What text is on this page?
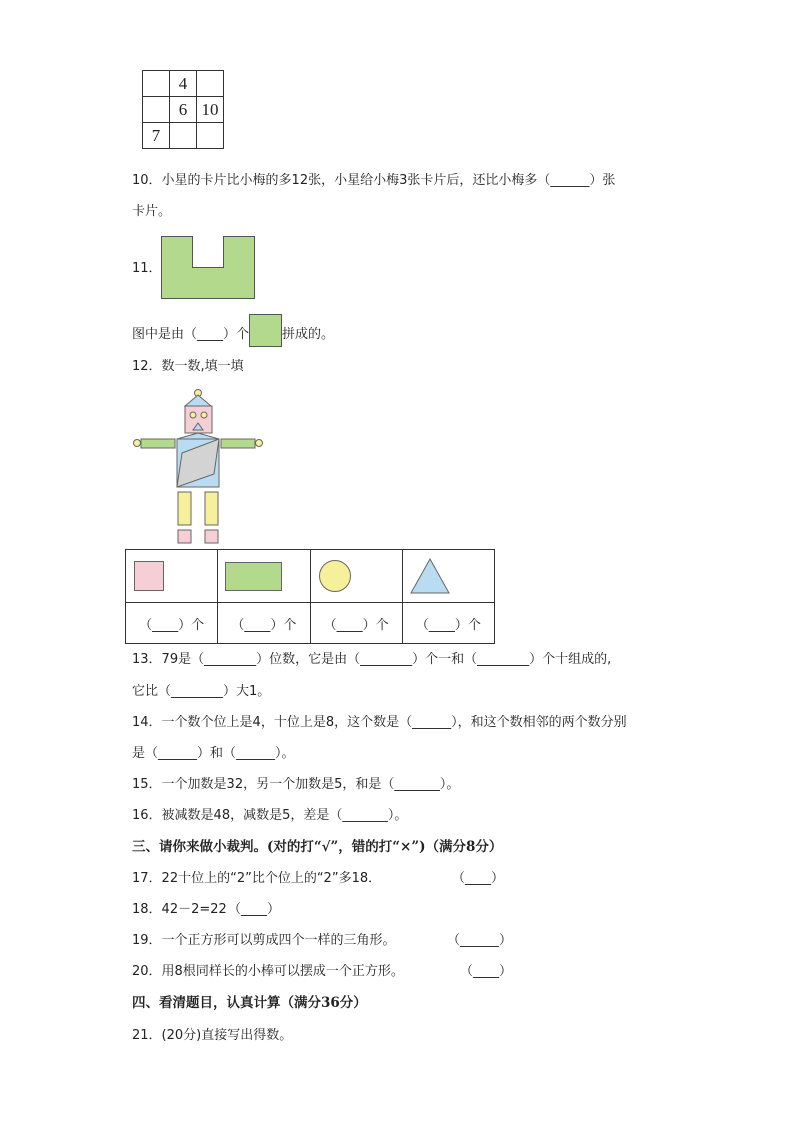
	4	
	6	10
7		
10．小星的卡片比小梅的多12张，小星给小梅3张卡片后，还比小梅多（______）张
卡片。
11．
图中是由（____）个	拼成的。
12．数一数,填一填

（____）个	（____）个	（____）个	（____）个
13．79是（________）位数，它是由（________）个一和（________）个十组成的,
它比（________）大1。
14．一个数个位上是4，十位上是8，这个数是（______），和这个数相邻的两个数分别
是（______）和（______）。
15．一个加数是32，另一个加数是5，和是（_______）。
16．被减数是48，减数是5，差是（_______）。
三、请你来做小裁判。(对的打“√”，错的打“×”)（满分8分）
17．22十位上的“2”比个位上的“2”多18．	（____）
18．42－2=22 （____）
19．一个正方形可以剪成四个一样的三角形。	（______）
20．用8根同样长的小棒可以摆成一个正方形。	（____）
四、看清题目，认真计算（满分36分）
21．(20分)直接写出得数。
